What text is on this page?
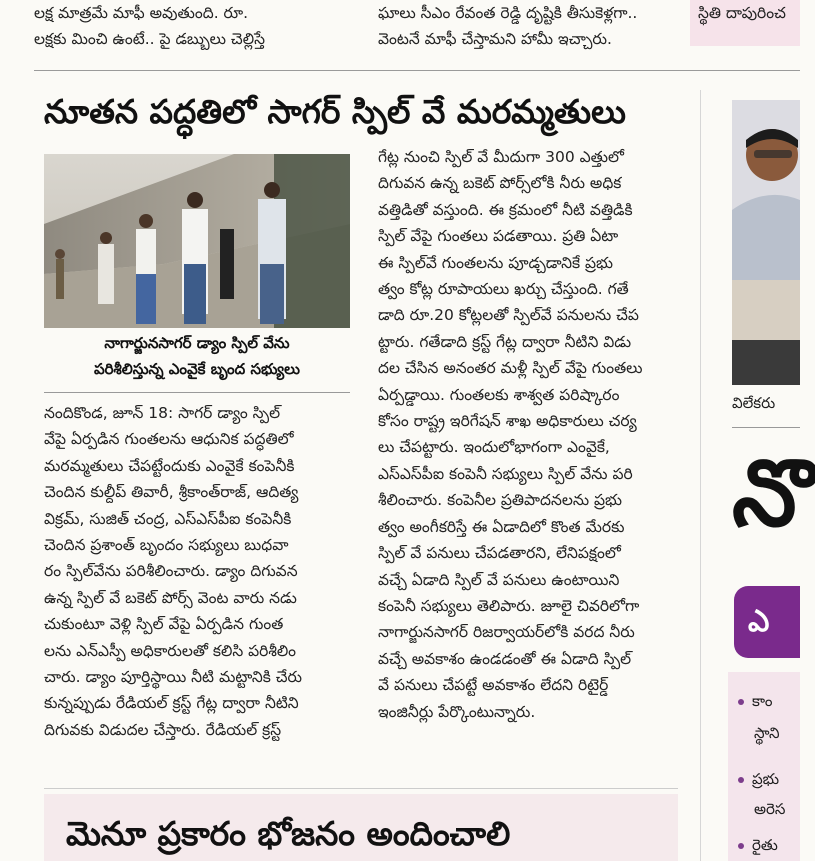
లక్ష మాత్రమే మాఫీ అవుతుంది. రూ.

లక్షకు మించి ఉంటే.. పై డబ్బులు చెల్లిస్తే

ఘాలు సీఎం రేవంత రెడ్డి దృష్టికి తీసుకెళ్లగా..

వెంటనే మాఫీ చేస్తామని హామీ ఇచ్చారు.

స్థితి దాపురించ

నూతన పద్ధతిలో సాగర్ స్పిల్ వే మరమ్మతులు
నాగార్జునసాగర్ డ్యాం స్పిల్ వేను
పరిశీలిస్తున్న ఎంవైకే బృంద సభ్యులు

నందికొండ, జూన్ 18: సాగర్ డ్యాం స్పిల్

వేపై ఏర్పడిన గుంతలను ఆధునిక పద్ధతిలో

మరమ్మతులు చేపట్టేందుకు ఎంవైకే కంపెనీకి

చెందిన కుల్దీప్ తివారీ, శ్రీకాంత్‌రాజ్, ఆదిత్య

విక్రమ్, సుజిత్ చంద్ర, ఎస్ఎస్‌పీఐ కంపెనీకి

చెందిన ప్రశాంత్ బృందం సభ్యులు బుధవా

రం స్పిల్‌వేను పరిశీలించారు. డ్యాం దిగువన

ఉన్న స్పిల్ వే బకెట్ పోర్స్ వెంట వారు నడు

చుకుంటూ వెళ్లి స్పిల్ వేపై ఏర్పడిన గుంత

లను ఎన్ఎస్పీ అధికారులతో కలిసి పరిశీలిం

చారు. డ్యాం పూర్తిస్థాయి నీటి మట్టానికి చేరు

కున్నప్పుడు రేడియల్ క్రస్ట్ గేట్ల ద్వారా నీటిని

దిగువకు విడుదల చేస్తారు. రేడియల్ క్రస్ట్

గేట్ల నుంచి స్పిల్ వే మీదుగా 300 ఎత్తులో

దిగువన ఉన్న బకెట్ పోర్స్‌లోకి నీరు అధిక

వత్తిడితో వస్తుంది. ఈ క్రమంలో నీటి వత్తిడికి

స్పిల్ వేపై గుంతలు పడతాయి. ప్రతి ఏటా

ఈ స్పిల్‌వే గుంతలను పూడ్చడానికే ప్రభు

త్వం కోట్ల రూపాయలు ఖర్చు చేస్తుంది. గతే

డాది రూ.20 కోట్లలతో స్పిల్‌వే పనులను చేప

ట్టారు. గతేడాది క్రస్ట్ గేట్ల ద్వారా నీటిని విడు

దల చేసిన అనంతర మళ్లీ స్పిల్ వేపై గుంతలు

ఏర్పడ్డాయి. గుంతలకు శాశ్వత పరిష్కారం

కోసం రాష్ట్ర ఇరిగేషన్ శాఖ అధికారులు చర్య

లు చేపట్టారు. ఇందులోభాగంగా ఎంవైకే,

ఎస్ఎస్‌పీఐ కంపెనీ సభ్యులు స్పిల్ వేను పరి

శీలించారు. కంపెనీల ప్రతిపాదనలను ప్రభు

త్వం అంగీకరిస్తే ఈ ఏడాదిలో కొంత మేరకు

స్పిల్ వే పనులు చేపడతారని, లేనిపక్షంలో

వచ్చే ఏడాది స్పిల్ వే పనులు ఉంటాయిని

కంపెనీ సభ్యులు తెలిపారు. జూలై చివరిలోగా

నాగార్జునసాగర్ రిజర్వాయర్‌లోకి వరద నీరు

వచ్చే అవకాశం ఉండడంతో ఈ ఏడాది స్పిల్

వే పనులు చేపట్టే అవకాశం లేదని రిటైర్డ్

ఇంజినీర్లు పేర్కొంటున్నారు.

విలేకరు
నొ
ఎ
కాం
స్థాని
ప్రభు
అరెస
రైతు
మెనూ ప్రకారం భోజనం అందించాలి
